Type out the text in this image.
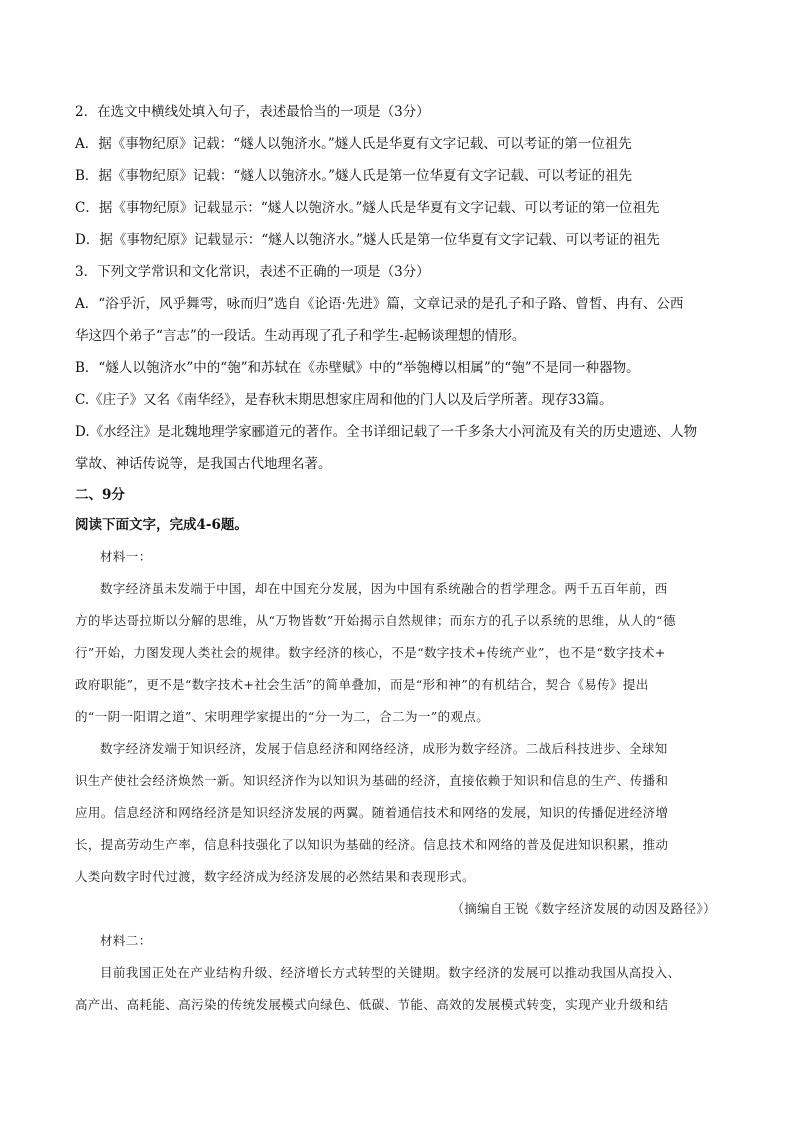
2．在选文中横线处填入句子，表述最恰当的一项是（3分）
A．据《事物纪原》记载：“燧人以匏济水。”燧人氏是华夏有文字记载、可以考证的第一位祖先
B．据《事物纪原》记载：“燧人以匏济水。”燧人氏是第一位华夏有文字记载、可以考证的祖先
C．据《事物纪原》记载显示：“燧人以匏济水。”燧人氏是华夏有文字记载、可以考证的第一位祖先
D．据《事物纪原》记载显示：“燧人以匏济水。”燧人氏是第一位华夏有文字记载、可以考证的祖先
3．下列文学常识和文化常识，表述不正确的一项是（3分）
A．“浴乎沂，风乎舞雩，咏而归”选自《论语·先进》篇，文章记录的是孔子和子路、曾皙、冉有、公西
华这四个弟子“言志”的一段话。生动再现了孔子和学生-起畅谈理想的情形。
B．“燧人以匏济水”中的“匏”和苏轼在《赤壁赋》中的“举匏樽以相属”的“匏”不是同一种器物。
C.《庄子》又名《南华经》，是春秋末期思想家庄周和他的门人以及后学所著。现存33篇。
D.《水经注》是北魏地理学家郦道元的著作。全书详细记载了一千多条大小河流及有关的历史遗迹、人物
掌故、神话传说等，是我国古代地理名著。
二、9分
阅读下面文字，完成4-6题。
材料一：
数字经济虽未发端于中国，却在中国充分发展，因为中国有系统融合的哲学理念。两千五百年前，西
方的毕达哥拉斯以分解的思维，从“万物皆数”开始揭示自然规律；而东方的孔子以系统的思维，从人的“德
行”开始，力图发现人类社会的规律。数字经济的核心，不是“数字技术+传统产业”，也不是“数字技术+
政府职能”，更不是“数字技术+社会生活”的简单叠加，而是“形和神”的有机结合，契合《易传》提出
的“一阴一阳谓之道”、宋明理学家提出的“分一为二，合二为一”的观点。
数字经济发端于知识经济，发展于信息经济和网络经济，成形为数字经济。二战后科技进步、全球知
识生产使社会经济焕然一新。知识经济作为以知识为基础的经济，直接依赖于知识和信息的生产、传播和
应用。信息经济和网络经济是知识经济发展的两翼。随着通信技术和网络的发展，知识的传播促进经济增
长，提高劳动生产率，信息科技强化了以知识为基础的经济。信息技术和网络的普及促进知识积累，推动
人类向数字时代过渡，数字经济成为经济发展的必然结果和表现形式。
（摘编自王锐《数字经济发展的动因及路径》）
材料二：
目前我国正处在产业结构升级、经济增长方式转型的关键期。数字经济的发展可以推动我国从高投入、
高产出、高耗能、高污染的传统发展模式向绿色、低碳、节能、高效的发展模式转变，实现产业升级和结
